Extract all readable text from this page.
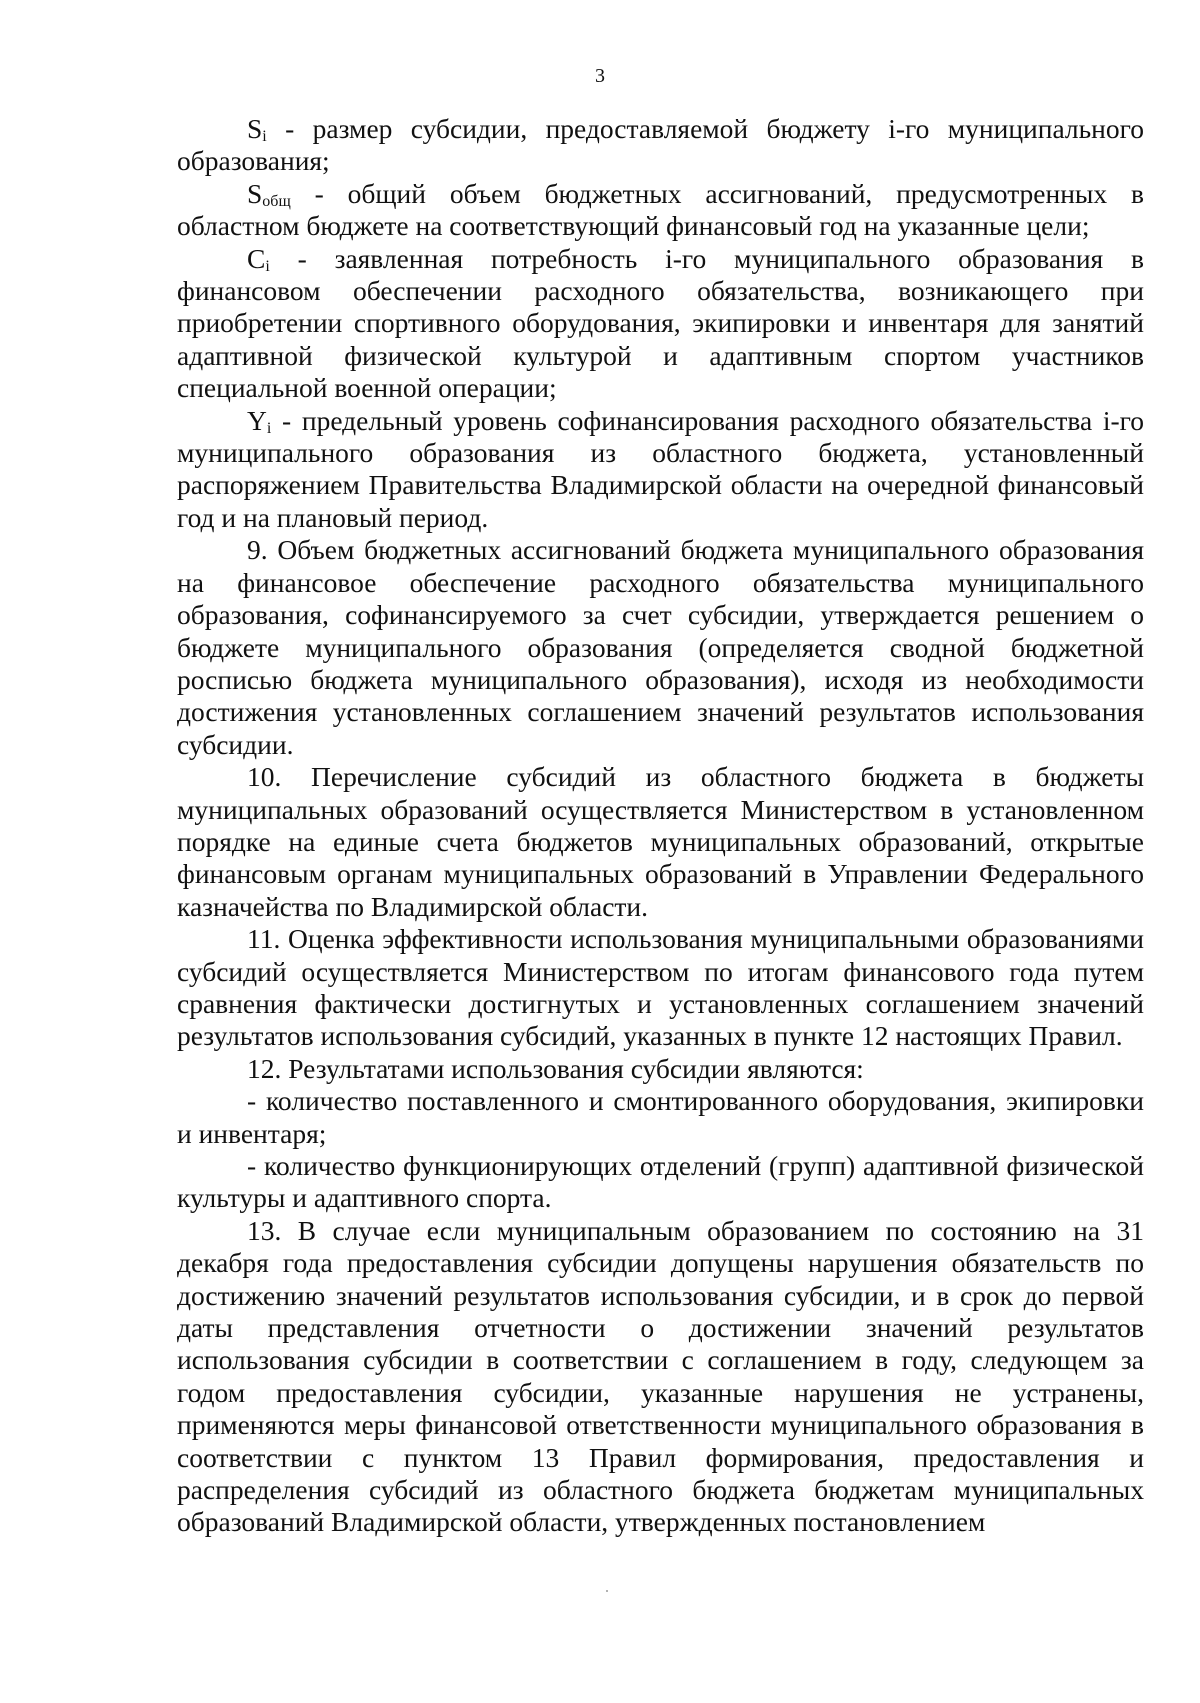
3

$S_i$ - размер субсидии, предоставляемой бюджету i-го муниципального образования;

$S_{общ}$ - общий объем бюджетных ассигнований, предусмотренных в областном бюджете на соответствующий финансовый год на указанные цели;

$C_i$ - заявленная потребность i-го муниципального образования в финансовом обеспечении расходного обязательства, возникающего при приобретении спортивного оборудования, экипировки и инвентаря для занятий адаптивной физической культурой и адаптивным спортом участников специальной военной операции;

$Y_i$ - предельный уровень софинансирования расходного обязательства i-го муниципального образования из областного бюджета, установленный распоряжением Правительства Владимирской области на очередной финансовый год и на плановый период.

9. Объем бюджетных ассигнований бюджета муниципального образования на финансовое обеспечение расходного обязательства муниципального образования, софинансируемого за счет субсидии, утверждается решением о бюджете муниципального образования (определяется сводной бюджетной росписью бюджета муниципального образования), исходя из необходимости достижения установленных соглашением значений результатов использования субсидии.

10. Перечисление субсидий из областного бюджета в бюджеты муниципальных образований осуществляется Министерством в установленном порядке на единые счета бюджетов муниципальных образований, открытые финансовым органам муниципальных образований в Управлении Федерального казначейства по Владимирской области.

11. Оценка эффективности использования муниципальными образованиями субсидий осуществляется Министерством по итогам финансового года путем сравнения фактически достигнутых и установленных соглашением значений результатов использования субсидий, указанных в пункте 12 настоящих Правил.

12. Результатами использования субсидии являются:

- количество поставленного и смонтированного оборудования, экипировки и инвентаря;

- количество функционирующих отделений (групп) адаптивной физической культуры и адаптивного спорта.

13. В случае если муниципальным образованием по состоянию на 31 декабря года предоставления субсидии допущены нарушения обязательств по достижению значений результатов использования субсидии, и в срок до первой даты представления отчетности о достижении значений результатов использования субсидии в соответствии с соглашением в году, следующем за годом предоставления субсидии, указанные нарушения не устранены, применяются меры финансовой ответственности муниципального образования в соответствии с пунктом 13 Правил формирования, предоставления и распределения субсидий из областного бюджета бюджетам муниципальных образований Владимирской области, утвержденных постановлением
